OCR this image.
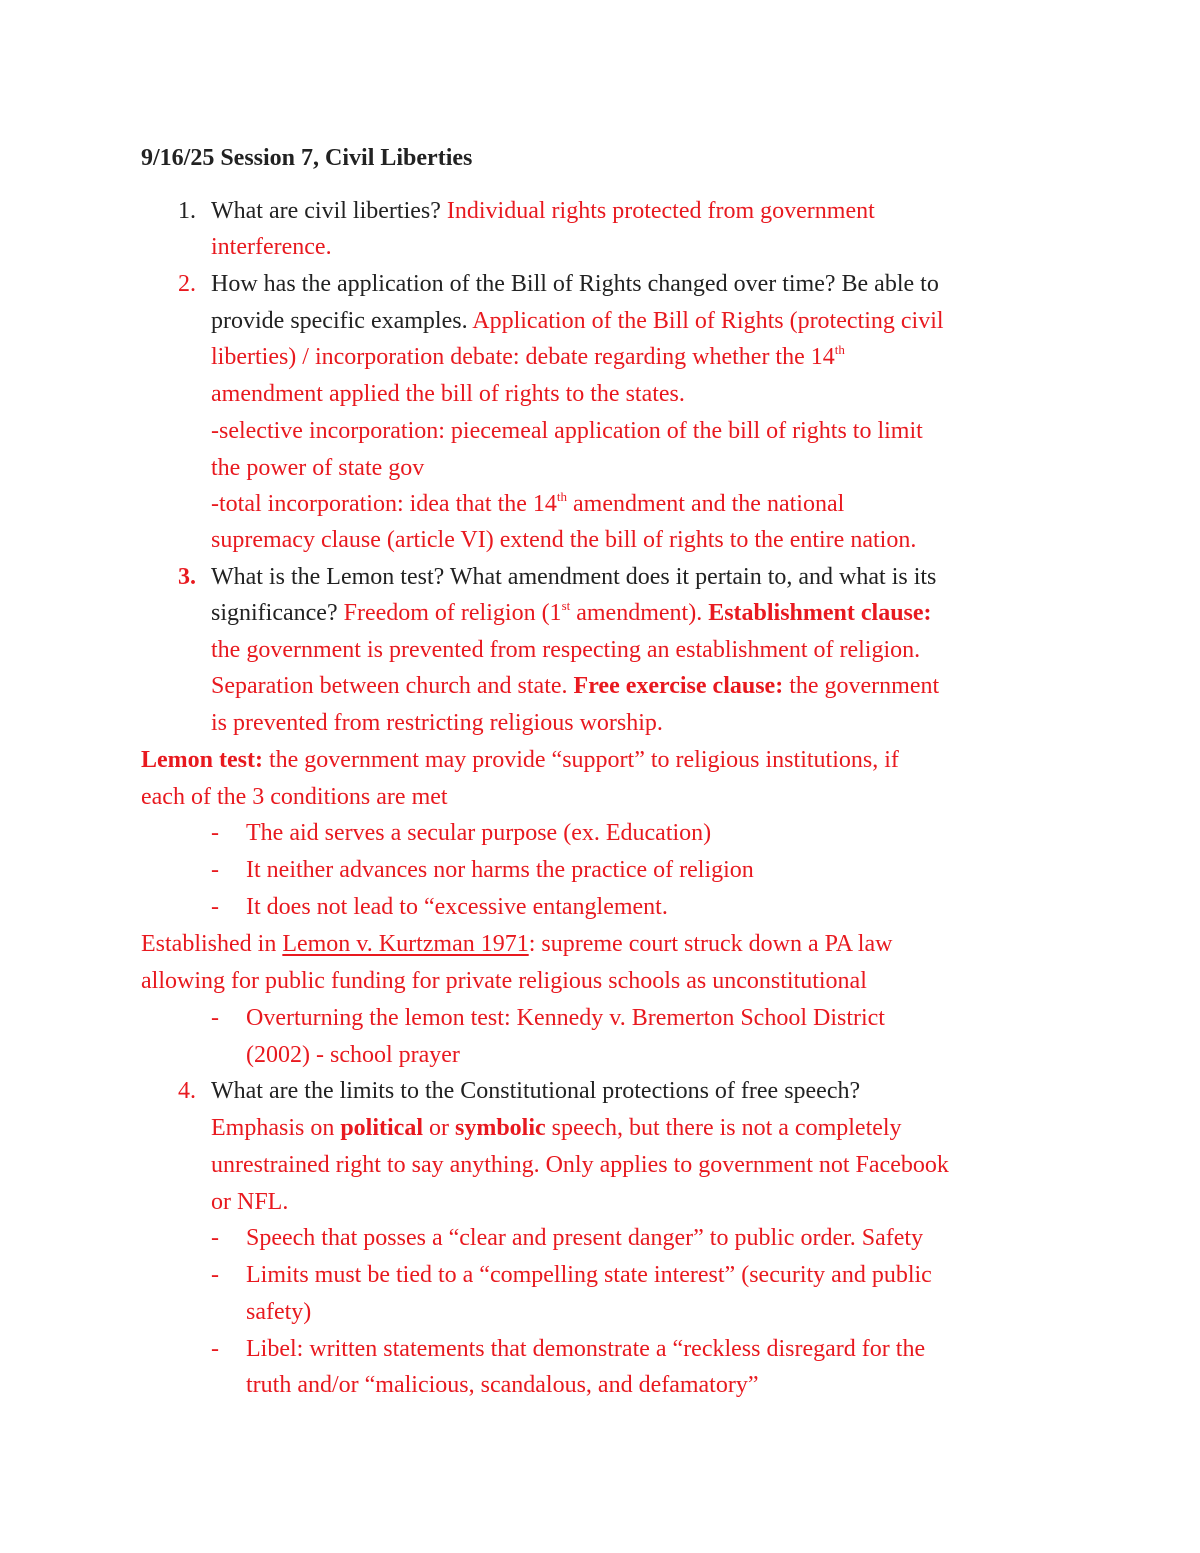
9/16/25 Session 7, Civil Liberties
1. What are civil liberties? Individual rights protected from government
interference.
2. How has the application of the Bill of Rights changed over time? Be able to
provide specific examples. Application of the Bill of Rights (protecting civil
liberties) / incorporation debate: debate regarding whether the 14th
amendment applied the bill of rights to the states.
-selective incorporation: piecemeal application of the bill of rights to limit
the power of state gov
-total incorporation: idea that the 14th amendment and the national
supremacy clause (article VI) extend the bill of rights to the entire nation.
3. What is the Lemon test? What amendment does it pertain to, and what is its
significance? Freedom of religion (1st amendment). Establishment clause:
the government is prevented from respecting an establishment of religion.
Separation between church and state. Free exercise clause: the government
is prevented from restricting religious worship.
Lemon test: the government may provide “support” to religious institutions, if
each of the 3 conditions are met
- The aid serves a secular purpose (ex. Education)
- It neither advances nor harms the practice of religion
- It does not lead to “excessive entanglement.
Established in Lemon v. Kurtzman 1971: supreme court struck down a PA law
allowing for public funding for private religious schools as unconstitutional
- Overturning the lemon test: Kennedy v. Bremerton School District
(2002) - school prayer
4. What are the limits to the Constitutional protections of free speech?
Emphasis on political or symbolic speech, but there is not a completely
unrestrained right to say anything. Only applies to government not Facebook
or NFL.
- Speech that posses a “clear and present danger” to public order. Safety
- Limits must be tied to a “compelling state interest” (security and public
safety)
- Libel: written statements that demonstrate a “reckless disregard for the
truth and/or “malicious, scandalous, and defamatory”
